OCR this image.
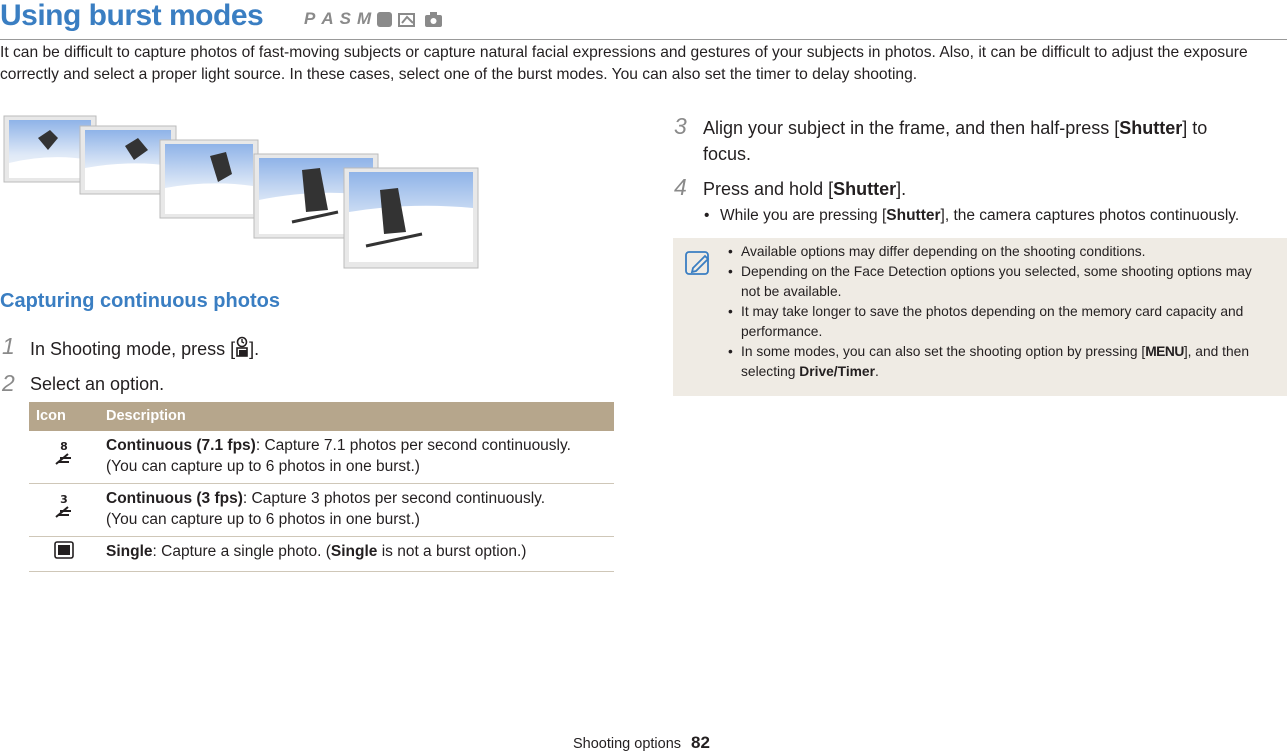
Using burst modes P A S M
It can be difficult to capture photos of fast-moving subjects or capture natural facial expressions and gestures of your subjects in photos. Also, it can be difficult to adjust the exposure correctly and select a proper light source. In these cases, select one of the burst modes. You can also set the timer to delay shooting.
Capturing continuous photos
1 In Shooting mode, press [ ].
2 Select an option.
Icon	Description

8	Continuous (7.1 fps): Capture 7.1 photos per second continuously.
(You can capture up to 6 photos in one burst.)

3	Continuous (3 fps): Capture 3 photos per second continuously.
(You can capture up to 6 photos in one burst.)
	Single: Capture a single photo. (Single is not a burst option.)
3 Align your subject in the frame, and then half-press [Shutter] to
focus.
4 Press and hold [Shutter].
• While you are pressing [Shutter], the camera captures photos continuously.
• Available options may differ depending on the shooting conditions.
• Depending on the Face Detection options you selected, some shooting options may not be available.
• It may take longer to save the photos depending on the memory card capacity and performance.
• In some modes, you can also set the shooting option by pressing [MENU], and then selecting Drive/Timer.
Shooting options 82
